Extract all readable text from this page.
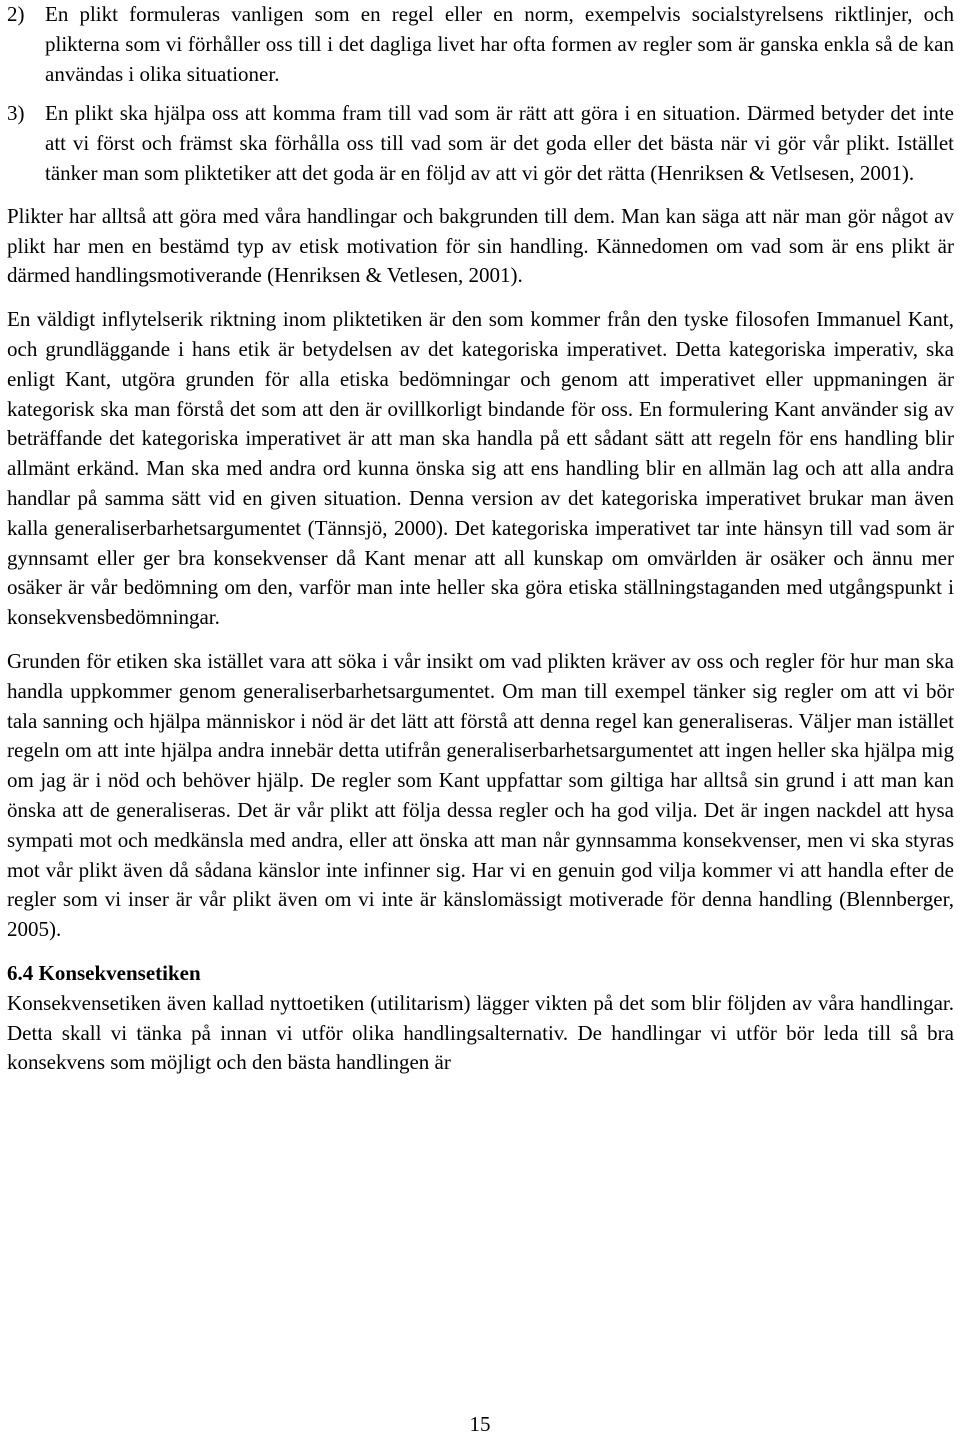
2) En plikt formuleras vanligen som en regel eller en norm, exempelvis socialstyrelsens riktlinjer, och plikterna som vi förhåller oss till i det dagliga livet har ofta formen av regler som är ganska enkla så de kan användas i olika situationer.
3) En plikt ska hjälpa oss att komma fram till vad som är rätt att göra i en situation. Därmed betyder det inte att vi först och främst ska förhålla oss till vad som är det goda eller det bästa när vi gör vår plikt. Istället tänker man som pliktetiker att det goda är en följd av att vi gör det rätta (Henriksen & Vetlsesen, 2001).

Plikter har alltså att göra med våra handlingar och bakgrunden till dem. Man kan säga att när man gör något av plikt har men en bestämd typ av etisk motivation för sin handling. Kännedomen om vad som är ens plikt är därmed handlingsmotiverande (Henriksen & Vetlesen, 2001).

En väldigt inflytelserik riktning inom pliktetiken är den som kommer från den tyske filosofen Immanuel Kant, och grundläggande i hans etik är betydelsen av det kategoriska imperativet. Detta kategoriska imperativ, ska enligt Kant, utgöra grunden för alla etiska bedömningar och genom att imperativet eller uppmaningen är kategorisk ska man förstå det som att den är ovillkorligt bindande för oss. En formulering Kant använder sig av beträffande det kategoriska imperativet är att man ska handla på ett sådant sätt att regeln för ens handling blir allmänt erkänd. Man ska med andra ord kunna önska sig att ens handling blir en allmän lag och att alla andra handlar på samma sätt vid en given situation. Denna version av det kategoriska imperativet brukar man även kalla generaliserbarhetsargumentet (Tännsjö, 2000). Det kategoriska imperativet tar inte hänsyn till vad som är gynnsamt eller ger bra konsekvenser då Kant menar att all kunskap om omvärlden är osäker och ännu mer osäker är vår bedömning om den, varför man inte heller ska göra etiska ställningstaganden med utgångspunkt i konsekvensbedömningar.

Grunden för etiken ska istället vara att söka i vår insikt om vad plikten kräver av oss och regler för hur man ska handla uppkommer genom generaliserbarhetsargumentet. Om man till exempel tänker sig regler om att vi bör tala sanning och hjälpa människor i nöd är det lätt att förstå att denna regel kan generaliseras. Väljer man istället regeln om att inte hjälpa andra innebär detta utifrån generaliserbarhetsargumentet att ingen heller ska hjälpa mig om jag är i nöd och behöver hjälp. De regler som Kant uppfattar som giltiga har alltså sin grund i att man kan önska att de generaliseras. Det är vår plikt att följa dessa regler och ha god vilja. Det är ingen nackdel att hysa sympati mot och medkänsla med andra, eller att önska att man når gynnsamma konsekvenser, men vi ska styras mot vår plikt även då sådana känslor inte infinner sig. Har vi en genuin god vilja kommer vi att handla efter de regler som vi inser är vår plikt även om vi inte är känslomässigt motiverade för denna handling (Blennberger, 2005).

6.4 Konsekvensetiken

Konsekvensetiken även kallad nyttoetiken (utilitarism) lägger vikten på det som blir följden av våra handlingar. Detta skall vi tänka på innan vi utför olika handlingsalternativ. De handlingar vi utför bör leda till så bra konsekvens som möjligt och den bästa handlingen är

15
